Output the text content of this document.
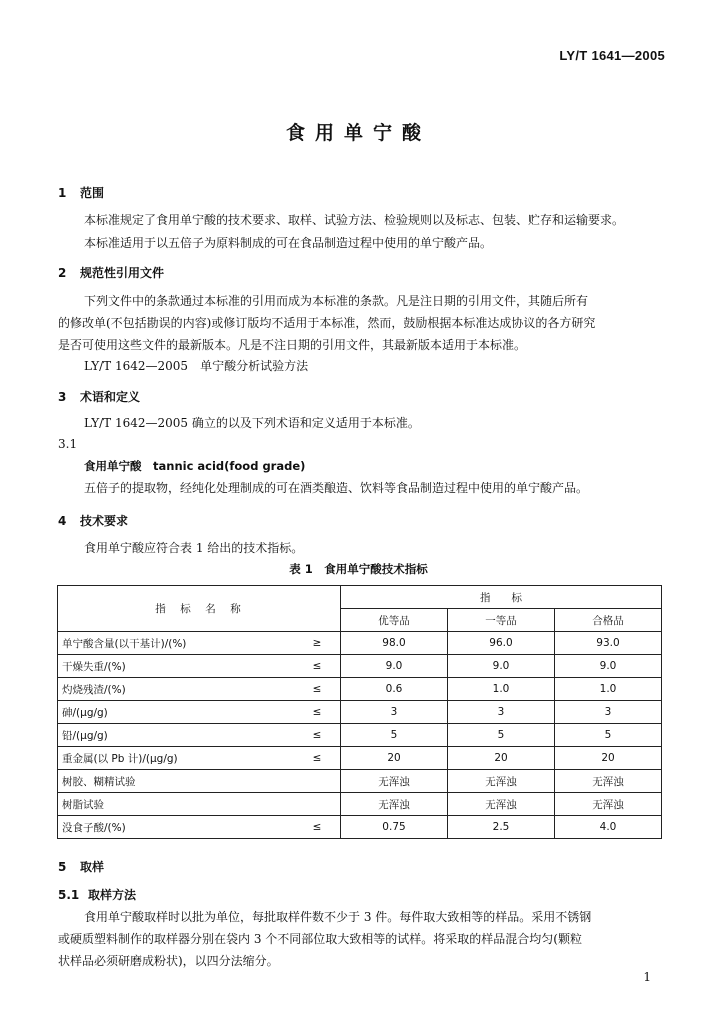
LY/T 1641—2005
食用单宁酸
1 范围
本标准规定了食用单宁酸的技术要求、取样、试验方法、检验规则以及标志、包装、贮存和运输要求。
本标准适用于以五倍子为原料制成的可在食品制造过程中使用的单宁酸产品。
2 规范性引用文件
下列文件中的条款通过本标准的引用而成为本标准的条款。凡是注日期的引用文件，其随后所有
的修改单(不包括勘误的内容)或修订版均不适用于本标准，然而，鼓励根据本标准达成协议的各方研究
是否可使用这些文件的最新版本。凡是不注日期的引用文件，其最新版本适用于本标准。
LY/T 1642—2005　单宁酸分析试验方法
3 术语和定义
LY/T 1642—2005 确立的以及下列术语和定义适用于本标准。
3.1
食用单宁酸　tannic acid(food grade)
五倍子的提取物，经纯化处理制成的可在酒类酿造、饮料等食品制造过程中使用的单宁酸产品。
4 技术要求
食用单宁酸应符合表 1 给出的技术指标。
表 1　食用单宁酸技术指标
指　标　名　称		指　　标		
		优等品	一等品	合格品
单宁酸含量(以干基计)/(%)	≥	98.0	96.0	93.0
干燥失重/(%)	≤	9.0	9.0	9.0
灼烧残渣/(%)	≤	0.6	1.0	1.0
砷/(μg/g)	≤	3	3	3
铅/(μg/g)	≤	5	5	5
重金属(以 Pb 计)/(μg/g)	≤	20	20	20
树胶、糊精试验		无浑浊	无浑浊	无浑浊
树脂试验		无浑浊	无浑浊	无浑浊
没食子酸/(%)	≤	0.75	2.5	4.0
5 取样
5.1 取样方法
食用单宁酸取样时以批为单位，每批取样件数不少于 3 件。每件取大致相等的样品。采用不锈钢
或硬质塑料制作的取样器分别在袋内 3 个不同部位取大致相等的试样。将采取的样品混合均匀(颗粒
状样品必须研磨成粉状)，以四分法缩分。
1
